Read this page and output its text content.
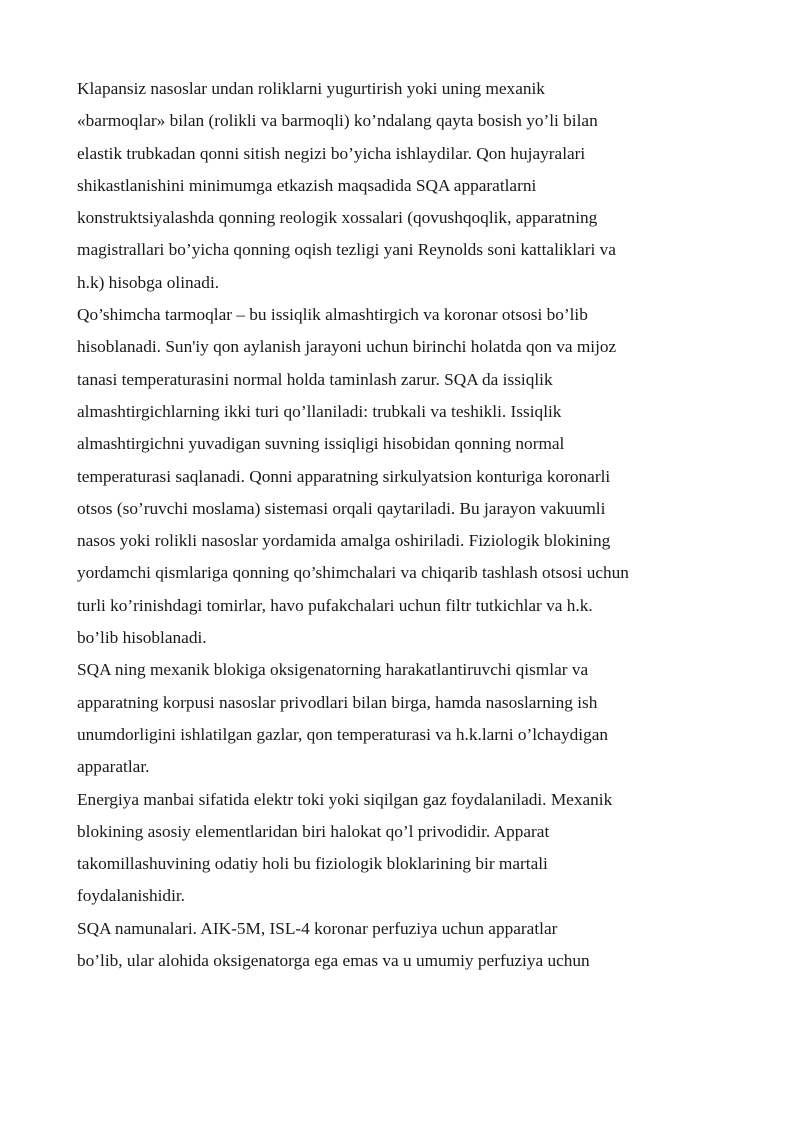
Klapansiz nasoslar undan roliklarni yugurtirish yoki uning mexanik
«barmoqlar» bilan (rolikli va barmoqli) ko’ndalang qayta bosish yo’li bilan
elastik trubkadan qonni sitish negizi bo’yicha ishlaydilar. Qon hujayralari
shikastlanishini minimumga etkazish maqsadida SQA apparatlarni
konstruktsiyalashda qonning reologik xossalari (qovushqoqlik, apparatning
magistrallari bo’yicha qonning oqish tezligi yani Reynolds soni kattaliklari va
h.k) hisobga olinadi.
Qo’shimcha tarmoqlar – bu issiqlik almashtirgich va koronar otsosi bo’lib
hisoblanadi. Sun'iy qon aylanish jarayoni uchun birinchi holatda qon va mijoz
tanasi temperaturasini normal holda taminlash zarur. SQA da issiqlik
almashtirgichlarning ikki turi qo’llaniladi: trubkali va teshikli. Issiqlik
almashtirgichni yuvadigan suvning issiqligi hisobidan qonning normal
temperaturasi saqlanadi. Qonni apparatning sirkulyatsion konturiga koronarli
otsos (so’ruvchi moslama) sistemasi orqali qaytariladi. Bu jarayon vakuumli
nasos yoki rolikli nasoslar yordamida amalga oshiriladi. Fiziologik blokining
yordamchi qismlariga qonning qo’shimchalari va chiqarib tashlash otsosi uchun
turli ko’rinishdagi tomirlar, havo pufakchalari uchun filtr tutkichlar va h.k.
bo’lib hisoblanadi.
SQA ning mexanik blokiga oksigenatorning harakatlantiruvchi qismlar va
apparatning korpusi nasoslar privodlari bilan birga, hamda nasoslarning ish
unumdorligini ishlatilgan gazlar, qon temperaturasi va h.k.larni o’lchaydigan
apparatlar.
Energiya manbai sifatida elektr toki yoki siqilgan gaz foydalaniladi. Mexanik
blokining asosiy elementlaridan biri halokat qo’l privodidir. Apparat
takomillashuvining odatiy holi bu fiziologik bloklarining bir martali
foydalanishidir.
SQA namunalari. AIK-5M, ISL-4 koronar perfuziya uchun apparatlar
bo’lib, ular alohida oksigenatorga ega emas va u umumiy perfuziya uchun
